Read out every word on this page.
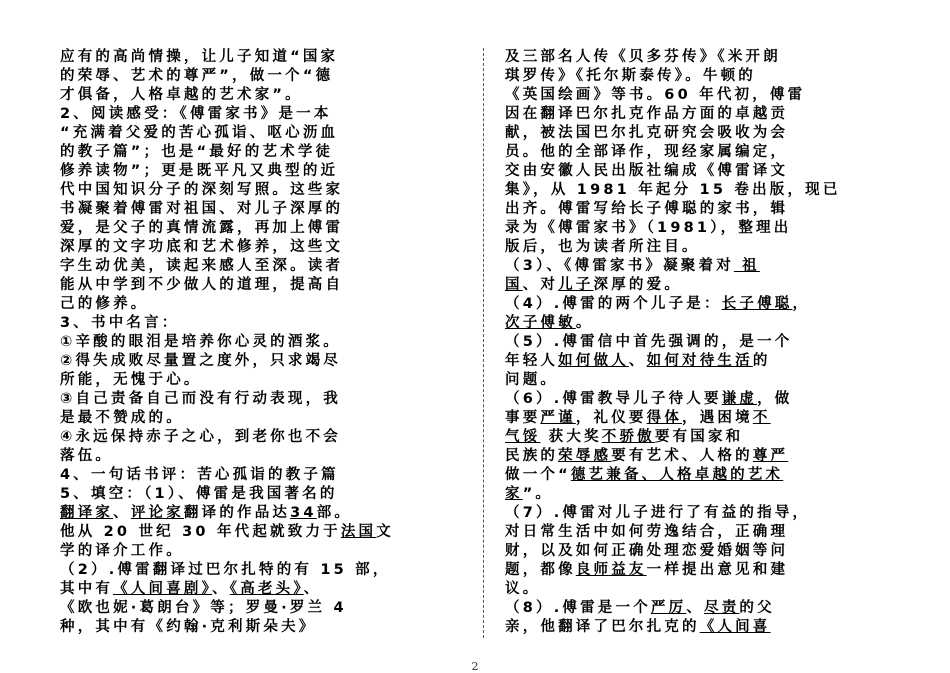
应有的高尚情操，让儿子知道“国家
的荣辱、艺术的尊严”，做一个“德
才俱备，人格卓越的艺术家”。
2、阅读感受：《傅雷家书》是一本
“充满着父爱的苦心孤诣、呕心沥血
的教子篇”；也是“最好的艺术学徒
修养读物”；更是既平凡又典型的近
代中国知识分子的深刻写照。这些家
书凝聚着傅雷对祖国、对儿子深厚的
爱，是父子的真情流露，再加上傅雷
深厚的文字功底和艺术修养，这些文
字生动优美，读起来感人至深。读者
能从中学到不少做人的道理，提高自
己的修养。
3、书中名言：
①辛酸的眼泪是培养你心灵的酒浆。
②得失成败尽量置之度外，只求竭尽
所能，无愧于心。
③自己责备自己而没有行动表现，我
是最不赞成的。
④永远保持赤子之心，到老你也不会
落伍。
4、一句话书评：苦心孤诣的教子篇
5、填空：（1）、傅雷是我国著名的
翻译家、评论家翻译的作品达34部。
他从 20 世纪 30 年代起就致力于法国文
学的译介工作。
（2）.傅雷翻译过巴尔扎特的有 15 部，
其中有《人间喜剧》、《高老头》、
《欧也妮·葛朗台》等；罗曼·罗兰 4
种，其中有《约翰·克利斯朵夫》
及三部名人传《贝多芬传》《米开朗
琪罗传》《托尔斯泰传》。牛顿的
《英国绘画》等书。60 年代初，傅雷
因在翻译巴尔扎克作品方面的卓越贡
献，被法国巴尔扎克研究会吸收为会
员。他的全部译作，现经家属编定，
交由安徽人民出版社编成《傅雷译文
集》，从 1981 年起分 15 卷出版，现已
出齐。傅雷写给长子傅聪的家书，辑
录为《傅雷家书》（1981），整理出
版后，也为读者所注目。
（3）、《傅雷家书》凝聚着对 祖
国、对儿子深厚的爱。
（4）.傅雷的两个儿子是：长子傅聪，
次子傅敏。
（5）.傅雷信中首先强调的，是一个
年轻人如何做人、如何对待生活的
问题。
（6）.傅雷教导儿子待人要谦虚，做
事要严谨，礼仪要得体，遇困境不
气馁 获大奖不骄傲要有国家和
民族的荣辱感要有艺术、人格的尊严
做一个“德艺兼备、人格卓越的艺术
家”。
（7）.傅雷对儿子进行了有益的指导，
对日常生活中如何劳逸结合，正确理
财，以及如何正确处理恋爱婚姻等问
题，都像良师益友一样提出意见和建
议。
（8）.傅雷是一个严厉、尽责的父
亲，他翻译了巴尔扎克的《人间喜
2
